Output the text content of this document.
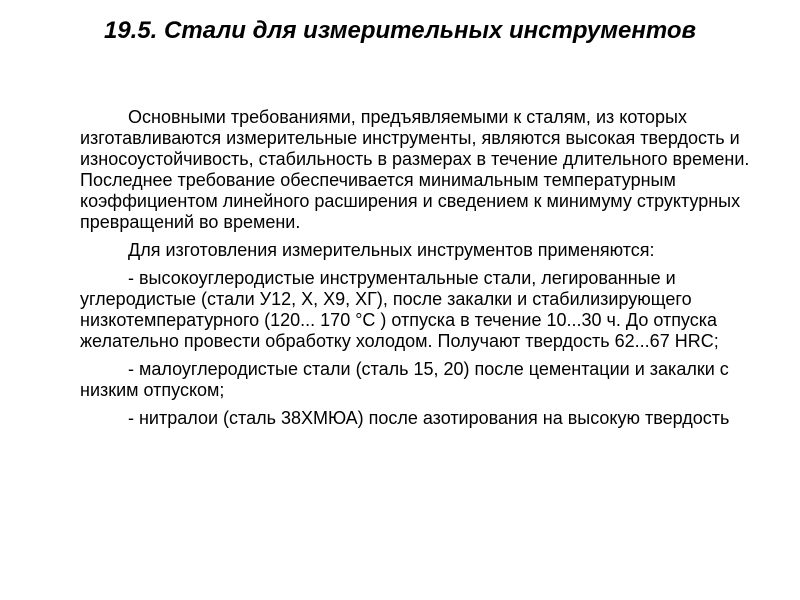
19.5. Стали для измерительных инструментов

Основными требованиями, предъявляемыми к сталям, из которых изготавливаются измерительные инструменты, являются высокая твердость и износоустойчивость, стабильность в размерах в течение длительного времени. Последнее требование обеспечивается минимальным температурным коэффициентом линейного расширения и сведением к минимуму структурных превращений во времени.

Для изготовления измерительных инструментов применяются:

- высокоуглеродистые инструментальные стали, легированные и углеродистые (стали У12, Х, Х9, ХГ), после закалки и стабилизирующего низкотемпературного (120... 170 °С ) отпуска в течение 10...30 ч. До отпуска желательно провести обработку холодом. Получают твердость 62...67 HRC;

- малоуглеродистые стали (сталь 15, 20) после цементации и закалки с низким отпуском;

- нитралои (сталь 38ХМЮА) после азотирования на высокую твердость
